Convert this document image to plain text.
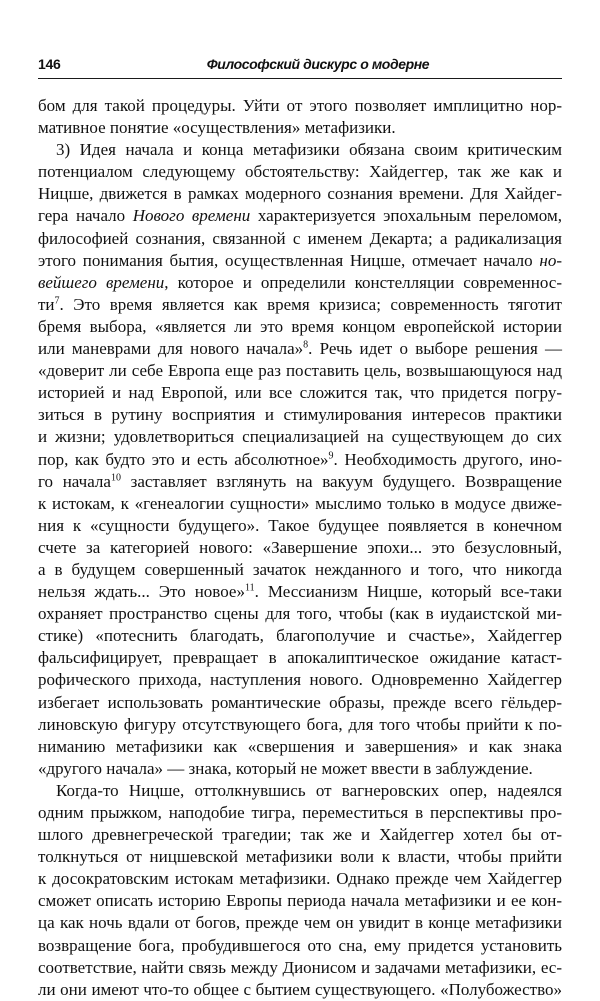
146	Философский дискурс о модерне
бом для такой процедуры. Уйти от этого позволяет имплицитно нор-
мативное понятие «осуществления» метафизики.
3) Идея начала и конца метафизики обязана своим критическим
потенциалом следующему обстоятельству: Хайдеггер, так же как и
Ницше, движется в рамках модерного сознания времени. Для Хайдег-
гера начало Нового времени характеризуется эпохальным переломом,
философией сознания, связанной с именем Декарта; а радикализация
этого понимания бытия, осуществленная Ницше, отмечает начало но-
вейшего времени, которое и определили констелляции современнос-
$ти^7$. Это время является как время кризиса; современность тяготит
бремя выбора, «является ли это время концом европейской истории
или маневрами для нового начала»$^8$. Речь идет о выборе решения —
«доверит ли себе Европа еще раз поставить цель, возвышающуюся над
историей и над Европой, или все сложится так, что придется погру-
зиться в рутину восприятия и стимулирования интересов практики
и жизни; удовлетвориться специализацией на существующем до сих
пор, как будто это и есть абсолютное»$^9$. Необходимость другого, ино-
го начала$^{10}$ заставляет взглянуть на вакуум будущего. Возвращение
к истокам, к «генеалогии сущности» мыслимо только в модусе движе-
ния к «сущности будущего». Такое будущее появляется в конечном
счете за категорией нового: «Завершение эпохи... это безусловный,
а в будущем совершенный зачаток нежданного и того, что никогда
нельзя ждать... Это новое»$^{11}$. Мессианизм Ницше, который все-таки
охраняет пространство сцены для того, чтобы (как в иудаистской ми-
стике) «потеснить благодать, благополучие и счастье», Хайдеггер
фальсифицирует, превращает в апокалиптическое ожидание катаст-
рофического прихода, наступления нового. Одновременно Хайдеггер
избегает использовать романтические образы, прежде всего гёльдер-
линовскую фигуру отсутствующего бога, для того чтобы прийти к по-
ниманию метафизики как «свершения и завершения» и как знака
«другого начала» — знака, который не может ввести в заблуждение.
Когда-то Ницше, оттолкнувшись от вагнеровских опер, надеялся
одним прыжком, наподобие тигра, переместиться в перспективы про-
шлого древнегреческой трагедии; так же и Хайдеггер хотел бы от-
толкнуться от ницшевской метафизики воли к власти, чтобы прийти
к досократовским истокам метафизики. Однако прежде чем Хайдеггер
сможет описать историю Европы периода начала метафизики и ее кон-
ца как ночь вдали от богов, прежде чем он увидит в конце метафизики
возвращение бога, пробудившегося ото сна, ему придется установить
соответствие, найти связь между Дионисом и задачами метафизики, ес-
ли они имеют что-то общее с бытием существующего. «Полубожество»
